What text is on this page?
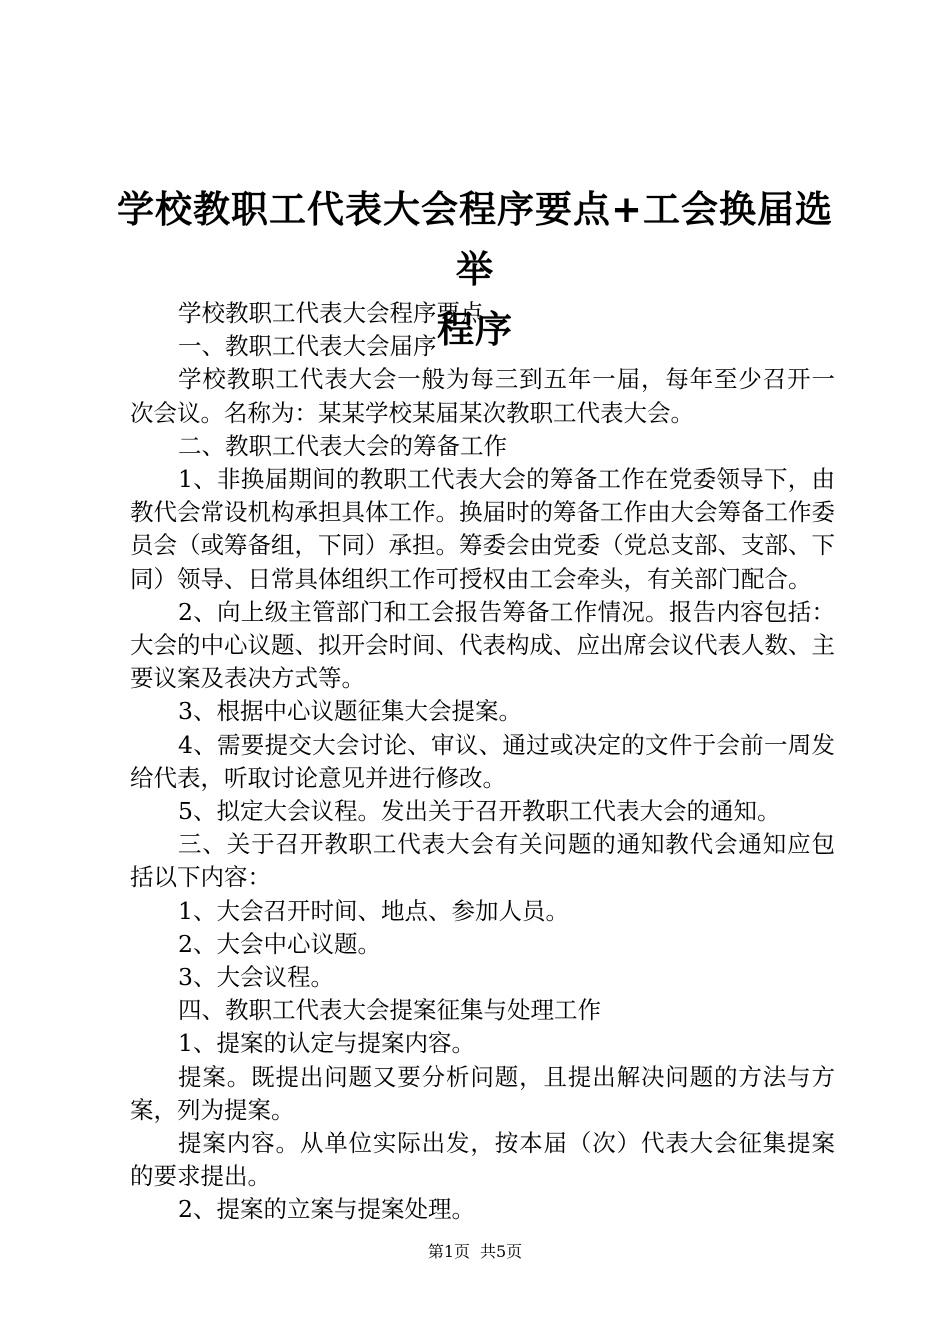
学校教职工代表大会程序要点+工会换届选举
程序

学校教职工代表大会程序要点

一、教职工代表大会届序

学校教职工代表大会一般为每三到五年一届，每年至少召开一次会议。名称为：某某学校某届某次教职工代表大会。

二、教职工代表大会的筹备工作

1、非换届期间的教职工代表大会的筹备工作在党委领导下，由教代会常设机构承担具体工作。换届时的筹备工作由大会筹备工作委员会（或筹备组，下同）承担。筹委会由党委（党总支部、支部、下同）领导、日常具体组织工作可授权由工会牵头，有关部门配合。

2、向上级主管部门和工会报告筹备工作情况。报告内容包括：大会的中心议题、拟开会时间、代表构成、应出席会议代表人数、主要议案及表决方式等。

3、根据中心议题征集大会提案。

4、需要提交大会讨论、审议、通过或决定的文件于会前一周发给代表，听取讨论意见并进行修改。

5、拟定大会议程。发出关于召开教职工代表大会的通知。

三、关于召开教职工代表大会有关问题的通知教代会通知应包括以下内容：

1、大会召开时间、地点、参加人员。

2、大会中心议题。

3、大会议程。

四、教职工代表大会提案征集与处理工作

1、提案的认定与提案内容。

提案。既提出问题又要分析问题，且提出解决问题的方法与方案，列为提案。

提案内容。从单位实际出发，按本届（次）代表大会征集提案的要求提出。

2、提案的立案与提案处理。

第1页 共5页
